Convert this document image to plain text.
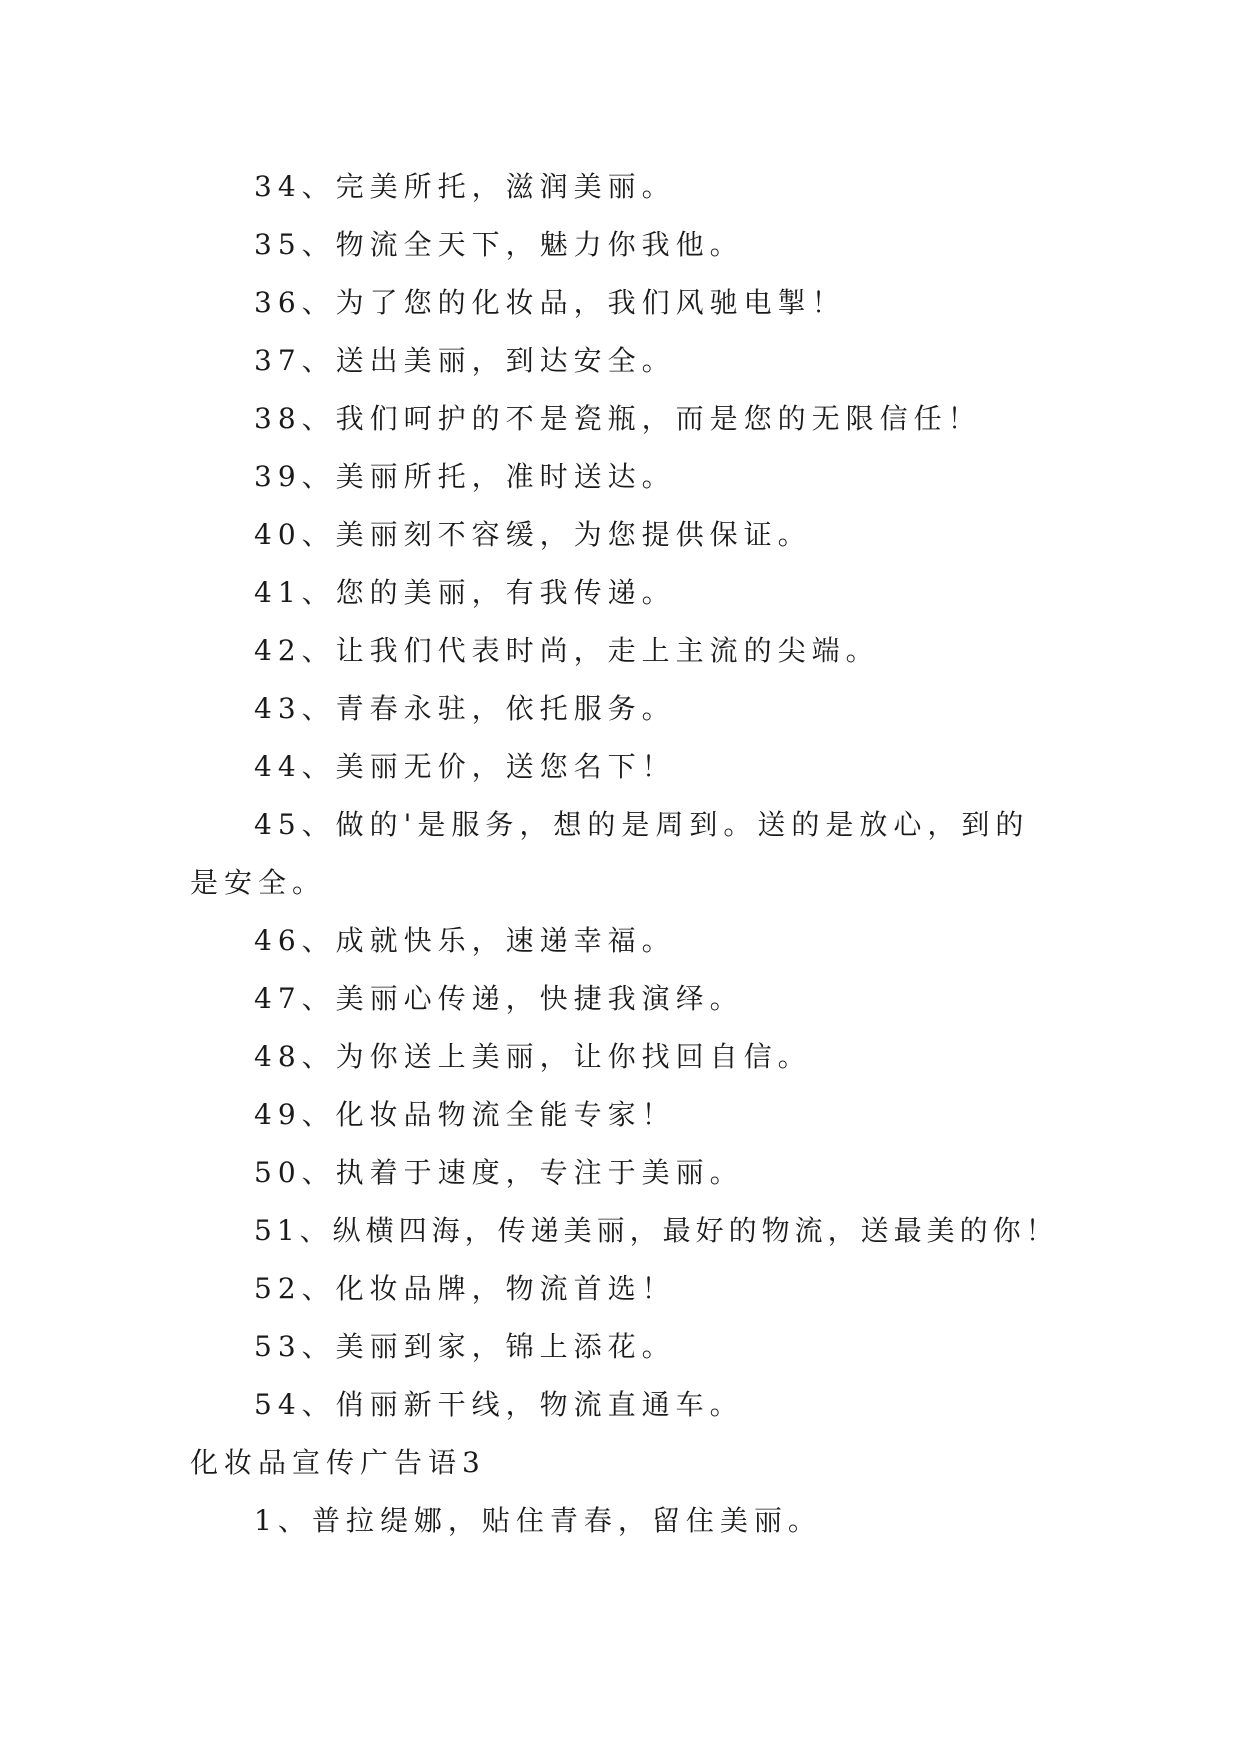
34、完美所托，滋润美丽。
35、物流全天下，魅力你我他。
36、为了您的化妆品，我们风驰电掣！
37、送出美丽，到达安全。
38、我们呵护的不是瓷瓶，而是您的无限信任！
39、美丽所托，准时送达。
40、美丽刻不容缓，为您提供保证。
41、您的美丽，有我传递。
42、让我们代表时尚，走上主流的尖端。
43、青春永驻，依托服务。
44、美丽无价，送您名下！
45、做的'是服务，想的是周到。送的是放心，到的是安全。
46、成就快乐，速递幸福。
47、美丽心传递，快捷我演绎。
48、为你送上美丽，让你找回自信。
49、化妆品物流全能专家！
50、执着于速度，专注于美丽。
51、纵横四海，传递美丽，最好的物流，送最美的你！
52、化妆品牌，物流首选！
53、美丽到家，锦上添花。
54、俏丽新干线，物流直通车。
化妆品宣传广告语3
1、普拉缇娜，贴住青春，留住美丽。
